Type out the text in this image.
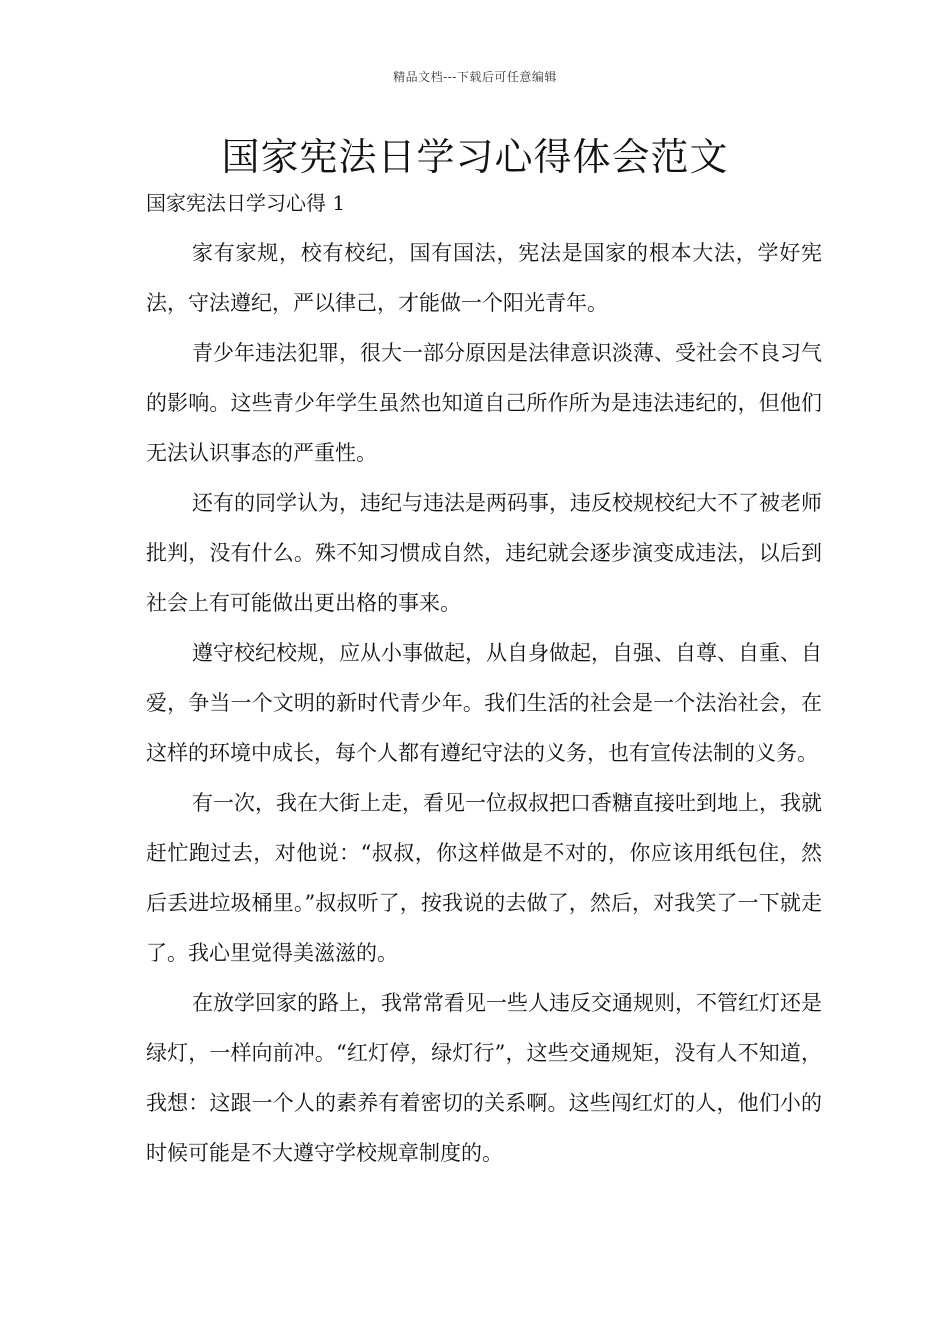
精品文档---下载后可任意编辑
国家宪法日学习心得体会范文
国家宪法日学习心得 1

家有家规，校有校纪，国有国法，宪法是国家的根本大法，学好宪法，守法遵纪，严以律己，才能做一个阳光青年。

青少年违法犯罪，很大一部分原因是法律意识淡薄、受社会不良习气的影响。这些青少年学生虽然也知道自己所作所为是违法违纪的，但他们无法认识事态的严重性。

还有的同学认为，违纪与违法是两码事，违反校规校纪大不了被老师批判，没有什么。殊不知习惯成自然，违纪就会逐步演变成违法，以后到社会上有可能做出更出格的事来。

遵守校纪校规，应从小事做起，从自身做起，自强、自尊、自重、自爱，争当一个文明的新时代青少年。我们生活的社会是一个法治社会，在这样的环境中成长，每个人都有遵纪守法的义务，也有宣传法制的义务。

有一次，我在大街上走，看见一位叔叔把口香糖直接吐到地上，我就赶忙跑过去，对他说：“叔叔，你这样做是不对的，你应该用纸包住，然后丢进垃圾桶里。”叔叔听了，按我说的去做了，然后，对我笑了一下就走了。我心里觉得美滋滋的。

在放学回家的路上，我常常看见一些人违反交通规则，不管红灯还是绿灯，一样向前冲。“红灯停，绿灯行”，这些交通规矩，没有人不知道，我想：这跟一个人的素养有着密切的关系啊。这些闯红灯的人，他们小的时候可能是不大遵守学校规章制度的。
